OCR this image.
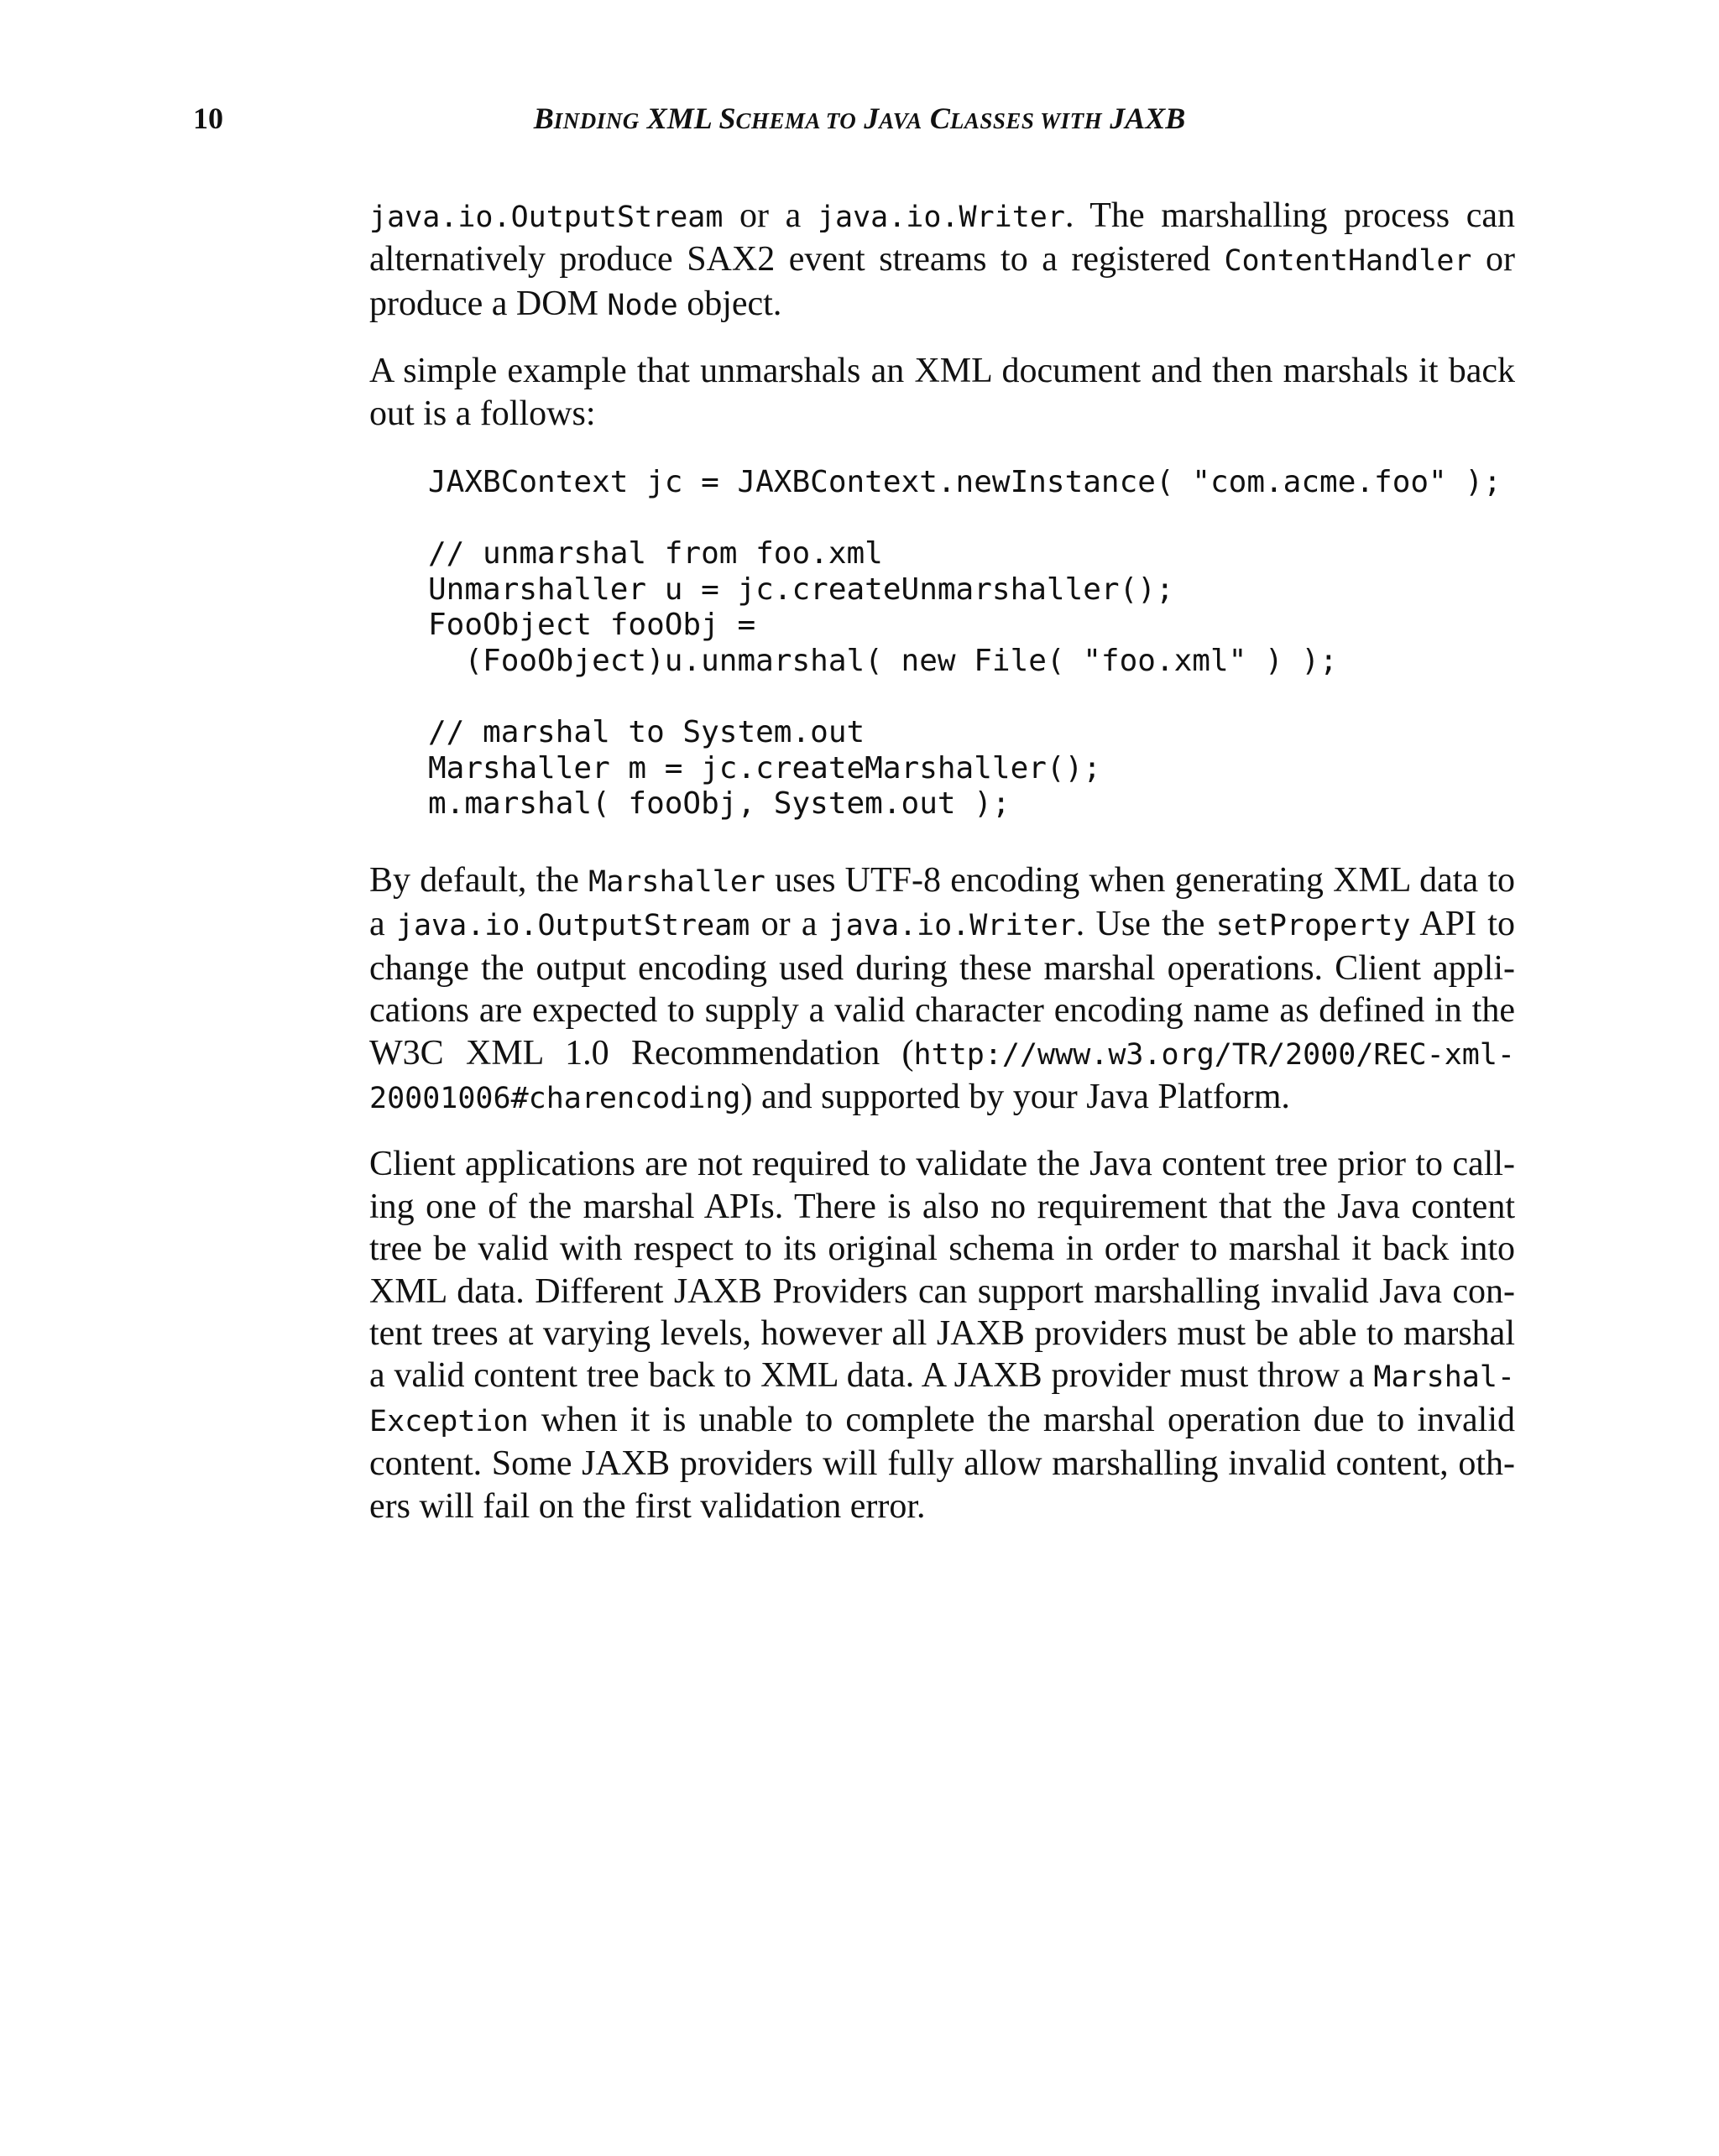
10	BINDING XML SCHEMA TO JAVA CLASSES WITH JAXB

java.io.OutputStream or a java.io.Writer. The marshalling process can alternatively produce SAX2 event streams to a registered ContentHandler or produce a DOM Node object.

A simple example that unmarshals an XML document and then marshals it back out is a follows:

JAXBContext jc = JAXBContext.newInstance( "com.acme.foo" );
// unmarshal from foo.xml
Unmarshaller u = jc.createUnmarshaller();
FooObject fooObj =
(FooObject)u.unmarshal( new File( "foo.xml" ) );
// marshal to System.out
Marshaller m = jc.createMarshaller();
m.marshal( fooObj, System.out );

By default, the Marshaller uses UTF-8 encoding when generating XML data to a java.io.OutputStream or a java.io.Writer. Use the setProperty API to change the output encoding used during these marshal operations. Client applications are expected to supply a valid character encoding name as defined in the W3C XML 1.0 Recommendation (http://www.w3.org/TR/2000/REC-xml-20001006#charencoding) and supported by your Java Platform.

Client applications are not required to validate the Java content tree prior to calling one of the marshal APIs. There is also no requirement that the Java content tree be valid with respect to its original schema in order to marshal it back into XML data. Different JAXB Providers can support marshalling invalid Java content trees at varying levels, however all JAXB providers must be able to marshal a valid content tree back to XML data. A JAXB provider must throw a MarshalException when it is unable to complete the marshal operation due to invalid content. Some JAXB providers will fully allow marshalling invalid content, others will fail on the first validation error.
